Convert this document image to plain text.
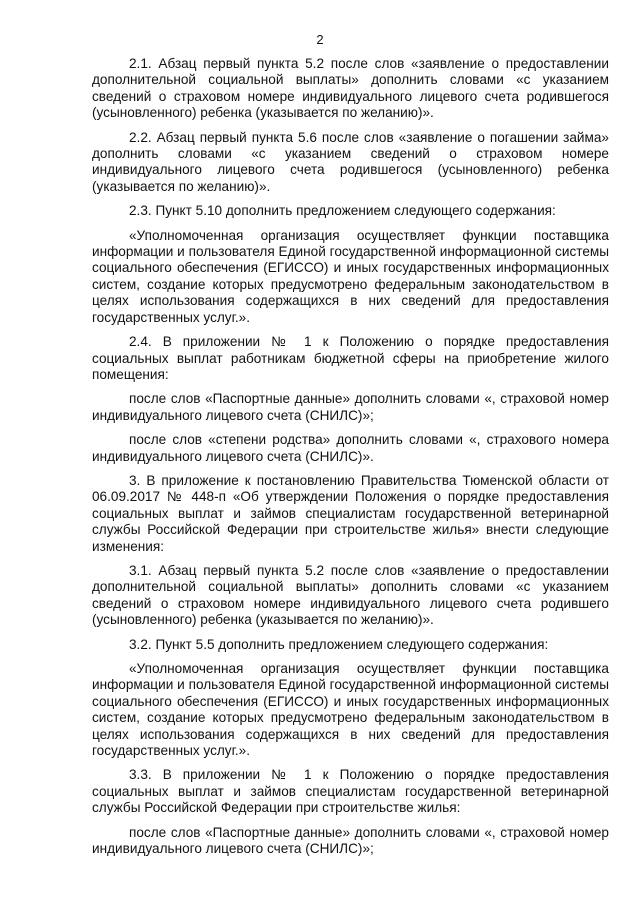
2

2.1. Абзац первый пункта 5.2 после слов «заявление о предоставлении дополнительной социальной выплаты» дополнить словами «с указанием сведений о страховом номере индивидуального лицевого счета родившегося (усыновленного) ребенка (указывается по желанию)».

2.2. Абзац первый пункта 5.6 после слов «заявление о погашении займа» дополнить словами «с указанием сведений о страховом номере индивидуального лицевого счета родившегося (усыновленного) ребенка (указывается по желанию)».

2.3. Пункт 5.10 дополнить предложением следующего содержания:

«Уполномоченная организация осуществляет функции поставщика информации и пользователя Единой государственной информационной системы социального обеспечения (ЕГИССО) и иных государственных информационных систем, создание которых предусмотрено федеральным законодательством в целях использования содержащихся в них сведений для предоставления государственных услуг.».

2.4. В приложении № 1 к Положению о порядке предоставления социальных выплат работникам бюджетной сферы на приобретение жилого помещения:

после слов «Паспортные данные» дополнить словами «, страховой номер индивидуального лицевого счета (СНИЛС)»;

после слов «степени родства» дополнить словами «, страхового номера индивидуального лицевого счета (СНИЛС)».

3. В приложение к постановлению Правительства Тюменской области от 06.09.2017 № 448-п «Об утверждении Положения о порядке предоставления социальных выплат и займов специалистам государственной ветеринарной службы Российской Федерации при строительстве жилья» внести следующие изменения:

3.1. Абзац первый пункта 5.2 после слов «заявление о предоставлении дополнительной социальной выплаты» дополнить словами «с указанием сведений о страховом номере индивидуального лицевого счета родившего (усыновленного) ребенка (указывается по желанию)».

3.2. Пункт 5.5 дополнить предложением следующего содержания:

«Уполномоченная организация осуществляет функции поставщика информации и пользователя Единой государственной информационной системы социального обеспечения (ЕГИССО) и иных государственных информационных систем, создание которых предусмотрено федеральным законодательством в целях использования содержащихся в них сведений для предоставления государственных услуг.».

3.3. В приложении № 1 к Положению о порядке предоставления социальных выплат и займов специалистам государственной ветеринарной службы Российской Федерации при строительстве жилья:

после слов «Паспортные данные» дополнить словами «, страховой номер индивидуального лицевого счета (СНИЛС)»;
